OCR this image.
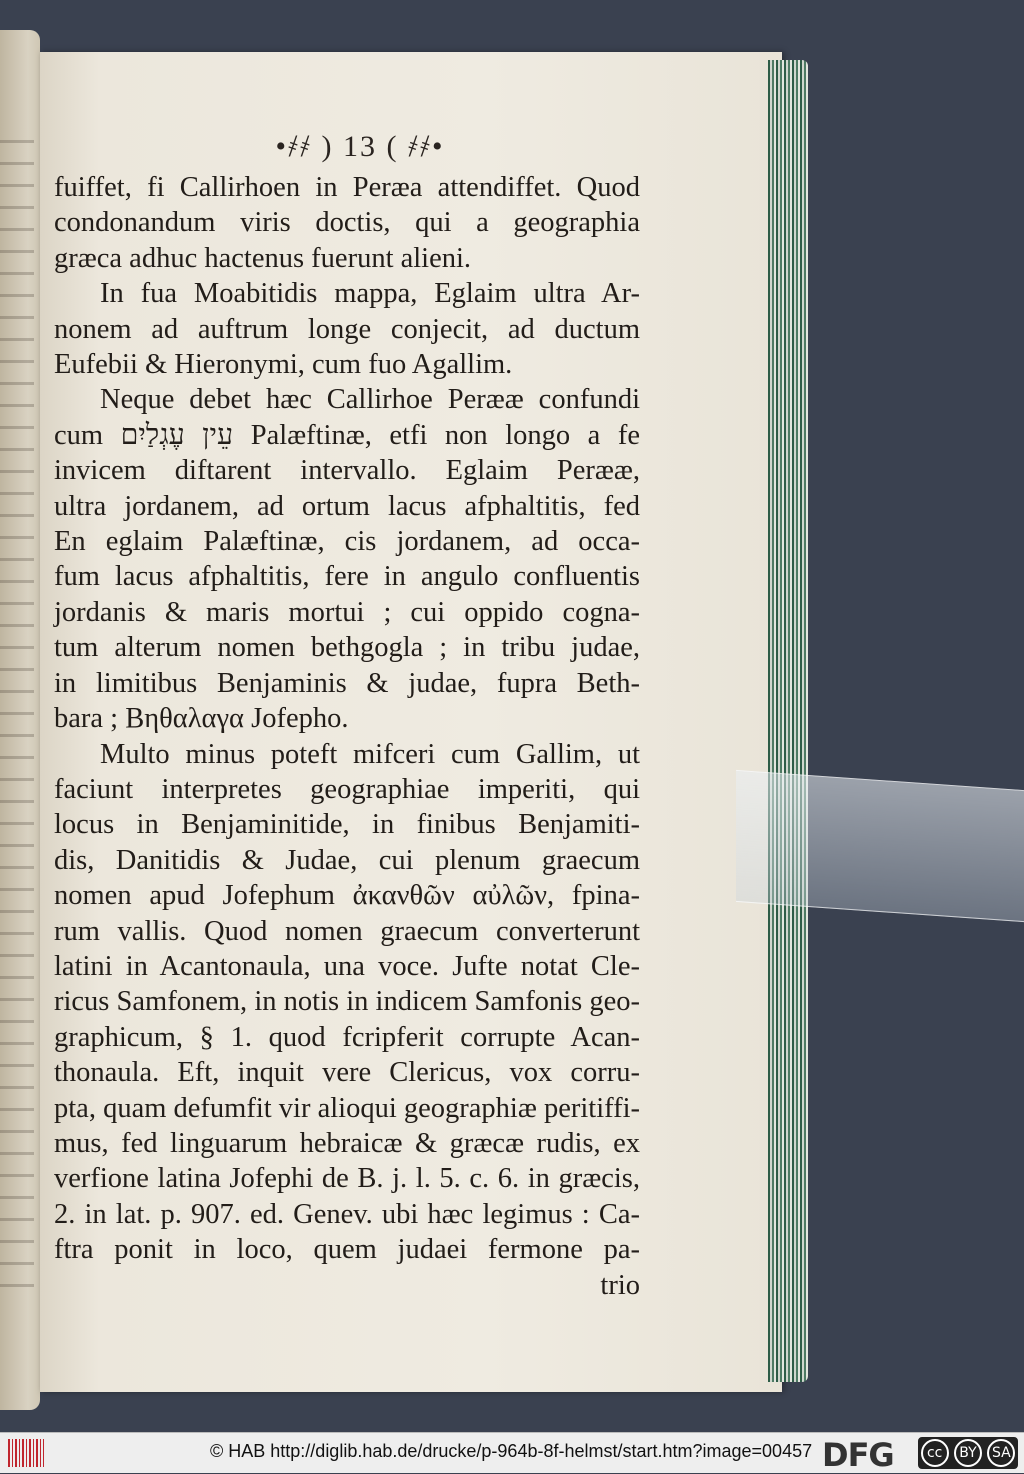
•҂҂ ) 13 ( ҂҂•
fuiffet, fi Callirhoen in Peræa attendiffet. Quod
condonandum viris doctis, qui a geographia
græca adhuc hactenus fuerunt alieni.
In fua Moabitidis mappa, Eglaim ultra Ar-
nonem ad auftrum longe conjecit, ad ductum
Eufebii & Hieronymi, cum fuo Agallim.
Neque debet hæc Callirhoe Perææ confundi
cum עֵין עֶגְלַיִם Palæftinæ, etfi non longo a fe
invicem diftarent intervallo. Eglaim Perææ,
ultra jordanem, ad ortum lacus afphaltitis, fed
En eglaim Palæftinæ, cis jordanem, ad occa-
fum lacus afphaltitis, fere in angulo confluentis
jordanis & maris mortui ; cui oppido cogna-
tum alterum nomen bethgogla ; in tribu judae,
in limitibus Benjaminis & judae, fupra Beth-
bara ; Βηθαλαγα Jofepho.
Multo minus poteft mifceri cum Gallim, ut
faciunt interpretes geographiae imperiti, qui
locus in Benjaminitide, in finibus Benjamiti-
dis, Danitidis & Judae, cui plenum graecum
nomen apud Jofephum ἀκανθῶν αὐλῶν, fpina-
rum vallis. Quod nomen graecum converterunt
latini in Acantonaula, una voce. Jufte notat Cle-
ricus Samfonem, in notis in indicem Samfonis geo-
graphicum, § 1. quod fcripferit corrupte Acan-
thonaula. Eft, inquit vere Clericus, vox corru-
pta, quam defumfit vir alioqui geographiæ peritiffi-
mus, fed linguarum hebraicæ & græcæ rudis, ex
verfione latina Jofephi de B. j. l. 5. c. 6. in græcis,
2. in lat. p. 907. ed. Genev. ubi hæc legimus : Ca-
ftra ponit in loco, quem judaei fermone pa-
trio
© HAB http://diglib.hab.de/drucke/p-964b-8f-helmst/start.htm?image=00457 DFG	cc	BY	SA
